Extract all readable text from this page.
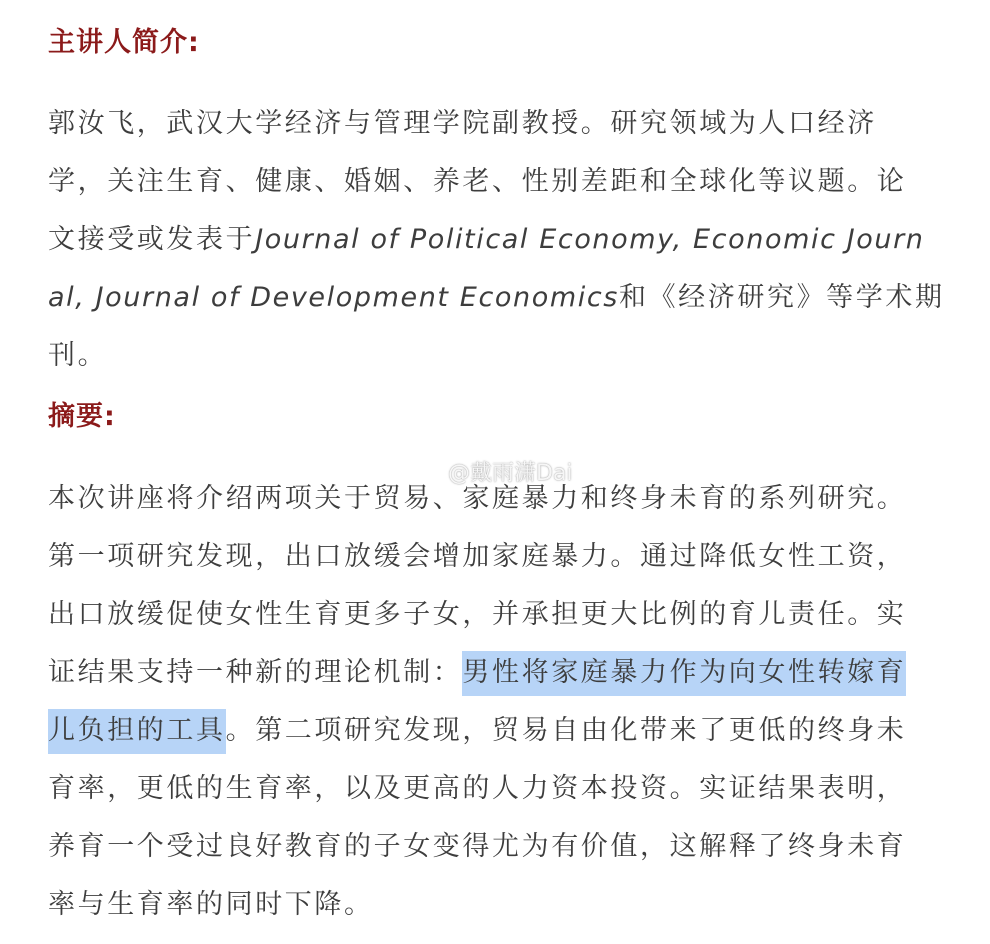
主讲人简介:
郭汝飞，武汉大学经济与管理学院副教授。研究领域为人口经济
学，关注生育、健康、婚姻、养老、性别差距和全球化等议题。论
文接受或发表于Journal of Political Economy, Economic Journ
al, Journal of Development Economics和《经济研究》等学术期
刊。
摘要:
本次讲座将介绍两项关于贸易、家庭暴力和终身未育的系列研究。
第一项研究发现，出口放缓会增加家庭暴力。通过降低女性工资，
出口放缓促使女性生育更多子女，并承担更大比例的育儿责任。实
证结果支持一种新的理论机制：男性将家庭暴力作为向女性转嫁育
儿负担的工具。第二项研究发现，贸易自由化带来了更低的终身未
育率，更低的生育率，以及更高的人力资本投资。实证结果表明，
养育一个受过良好教育的子女变得尤为有价值，这解释了终身未育
率与生育率的同时下降。
@戴雨潇Dai
